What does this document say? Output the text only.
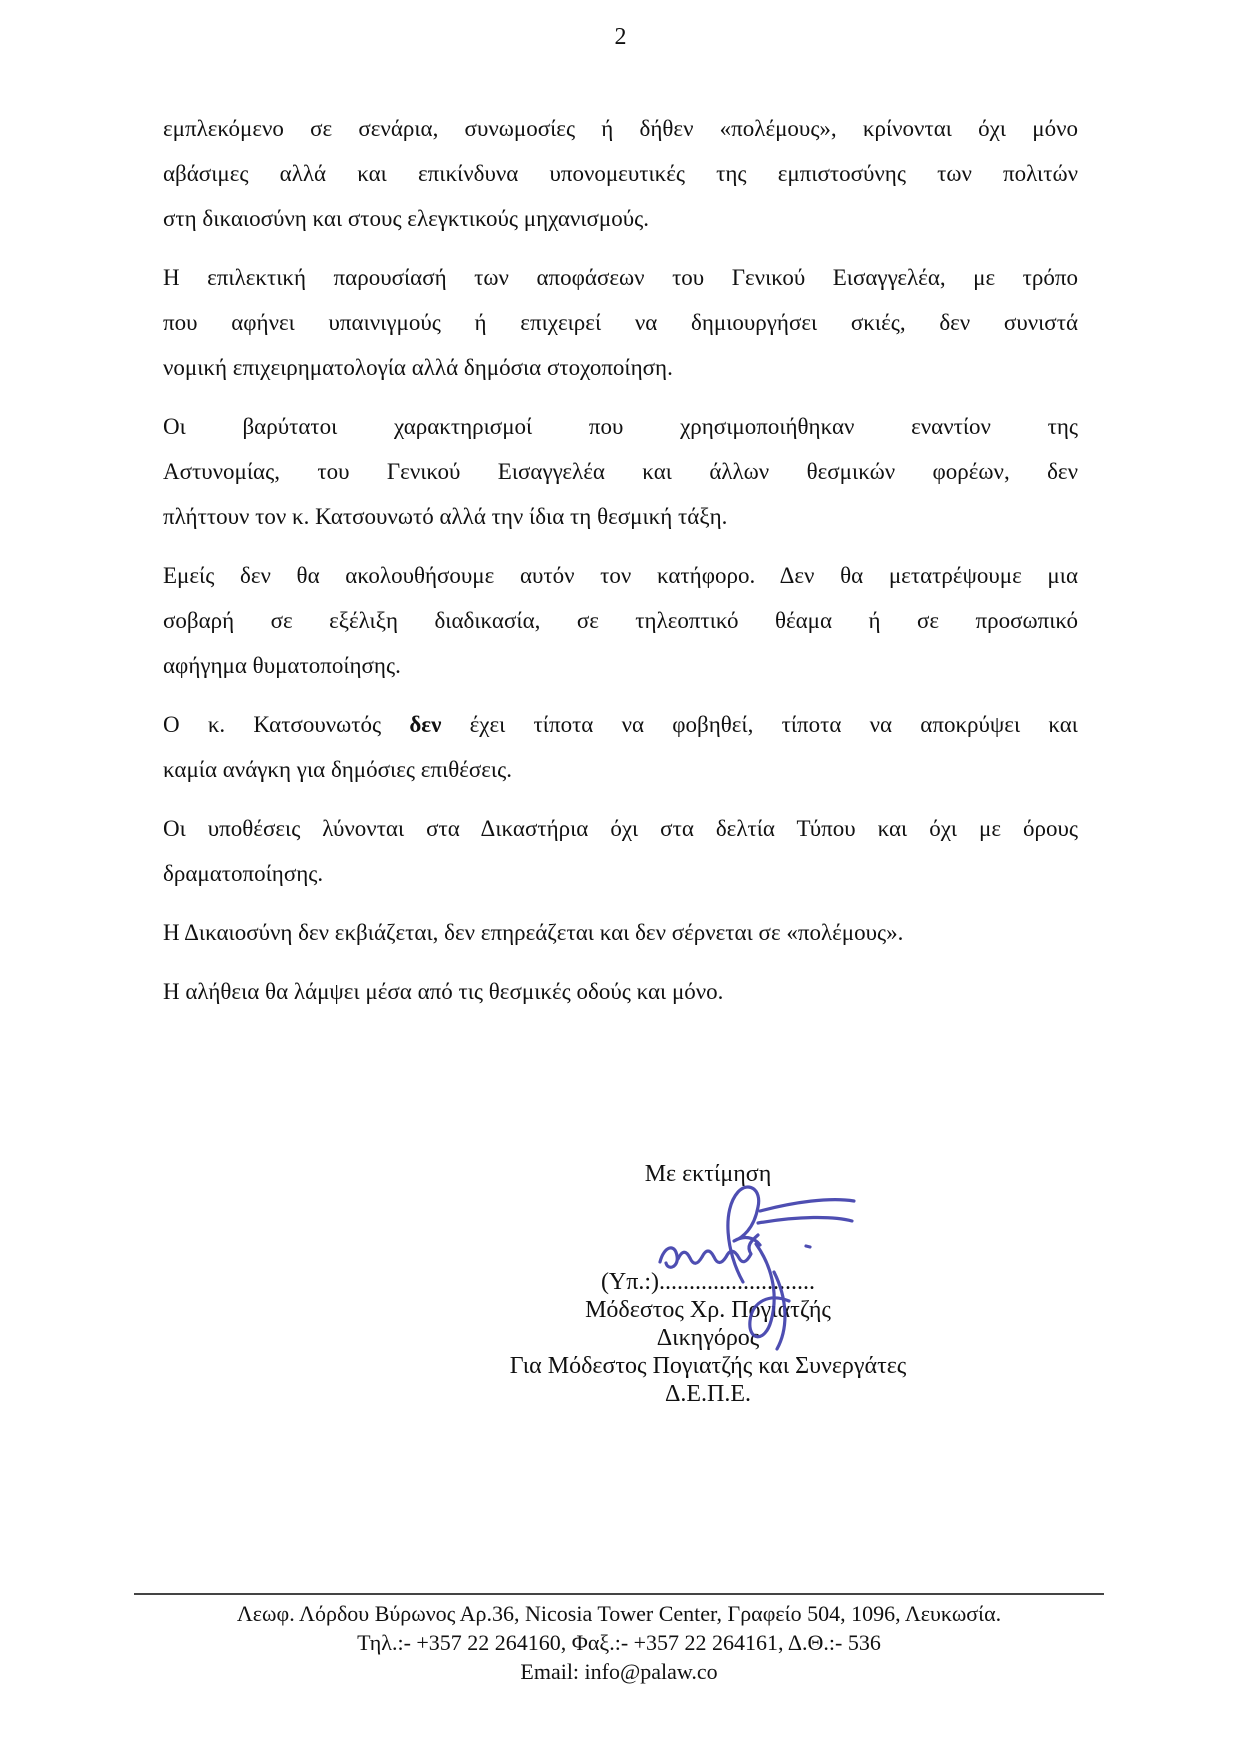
2
εμπλεκόμενο σε σενάρια, συνωμοσίες ή δήθεν «πολέμους», κρίνονται όχι μόνο
αβάσιμες αλλά και επικίνδυνα υπονομευτικές της εμπιστοσύνης των πολιτών
στη δικαιοσύνη και στους ελεγκτικούς μηχανισμούς.
Η επιλεκτική παρουσίασή των αποφάσεων του Γενικού Εισαγγελέα, με τρόπο
που αφήνει υπαινιγμούς ή επιχειρεί να δημιουργήσει σκιές, δεν συνιστά
νομική επιχειρηματολογία αλλά δημόσια στοχοποίηση.
Οι βαρύτατοι χαρακτηρισμοί που χρησιμοποιήθηκαν εναντίον της
Αστυνομίας, του Γενικού Εισαγγελέα και άλλων θεσμικών φορέων, δεν
πλήττουν τον κ. Κατσουνωτό αλλά την ίδια τη θεσμική τάξη.
Εμείς δεν θα ακολουθήσουμε αυτόν τον κατήφορο. Δεν θα μετατρέψουμε μια
σοβαρή σε εξέλιξη διαδικασία, σε τηλεοπτικό θέαμα ή σε προσωπικό
αφήγημα θυματοποίησης.
Ο κ. Κατσουνωτός δεν έχει τίποτα να φοβηθεί, τίποτα να αποκρύψει και
καμία ανάγκη για δημόσιες επιθέσεις.
Οι υποθέσεις λύνονται στα Δικαστήρια όχι στα δελτία Τύπου και όχι με όρους
δραματοποίησης.
Η Δικαιοσύνη δεν εκβιάζεται, δεν επηρεάζεται και δεν σέρνεται σε «πολέμους».
Η αλήθεια θα λάμψει μέσα από τις θεσμικές οδούς και μόνο.
Με εκτίμηση
(Υπ.:)..........................
Μόδεστος Χρ. Πογιατζής
Δικηγόρος
Για Μόδεστος Πογιατζής και Συνεργάτες
Δ.Ε.Π.Ε.
Λεωφ. Λόρδου Βύρωνος Αρ.36, Nicosia Tower Center, Γραφείο 504, 1096, Λευκωσία.
Τηλ.:- +357 22 264160, Φαξ.:- +357 22 264161, Δ.Θ.:- 536
Email: info@palaw.co
